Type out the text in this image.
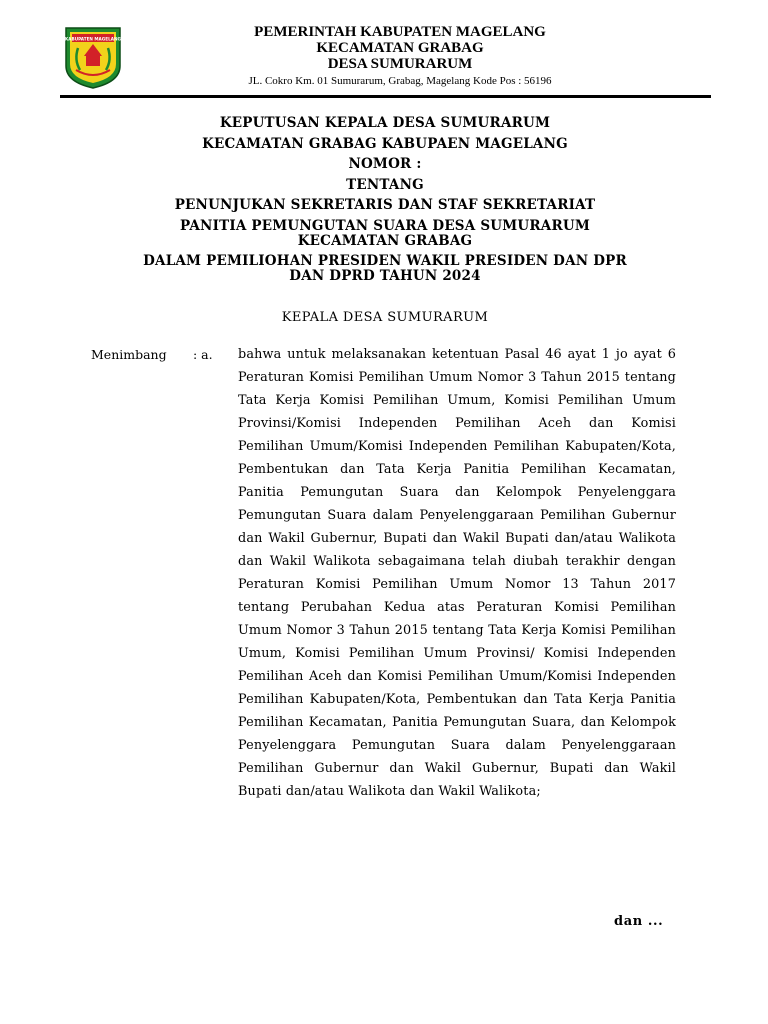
KABUPATEN MAGELANG	PEMERINTAH KABUPATEN MAGELANG
KECAMATAN GRABAG
DESA SUMURARUM
JL. Cokro Km. 01 Sumurarum, Grabag, Magelang Kode Pos : 56196
KEPUTUSAN KEPALA DESA SUMURARUM
KECAMATAN GRABAG KABUPAEN MAGELANG
NOMOR :
TENTANG
PENUNJUKAN SEKRETARIS DAN STAF SEKRETARIAT
PANITIA PEMUNGUTAN SUARA DESA SUMURARUM
KECAMATAN GRABAG
DALAM PEMILIOHAN PRESIDEN WAKIL PRESIDEN DAN DPR
DAN DPRD TAHUN 2024
KEPALA DESA SUMURARUM
Menimbang : a. bahwa untuk melaksanakan ketentuan Pasal 46 ayat 1 jo ayat 6 Peraturan Komisi Pemilihan Umum Nomor 3 Tahun 2015 tentang Tata Kerja Komisi Pemilihan Umum, Komisi Pemilihan Umum Provinsi/Komisi Independen Pemilihan Aceh dan Komisi Pemilihan Umum/Komisi Independen Pemilihan Kabupaten/Kota, Pembentukan dan Tata Kerja Panitia Pemilihan Kecamatan, Panitia Pemungutan Suara dan Kelompok Penyelenggara Pemungutan Suara dalam Penyelenggaraan Pemilihan Gubernur dan Wakil Gubernur, Bupati dan Wakil Bupati dan/atau Walikota dan Wakil Walikota sebagaimana telah diubah terakhir dengan Peraturan Komisi Pemilihan Umum Nomor 13 Tahun 2017 tentang Perubahan Kedua atas Peraturan Komisi Pemilihan Umum Nomor 3 Tahun 2015 tentang Tata Kerja Komisi Pemilihan Umum, Komisi Pemilihan Umum Provinsi/ Komisi Independen Pemilihan Aceh dan Komisi Pemilihan Umum/Komisi Independen Pemilihan Kabupaten/Kota, Pembentukan dan Tata Kerja Panitia Pemilihan Kecamatan, Panitia Pemungutan Suara, dan Kelompok Penyelenggara Pemungutan Suara dalam Penyelenggaraan Pemilihan Gubernur dan Wakil Gubernur, Bupati dan Wakil Bupati dan/atau Walikota dan Wakil Walikota;
dan ...
